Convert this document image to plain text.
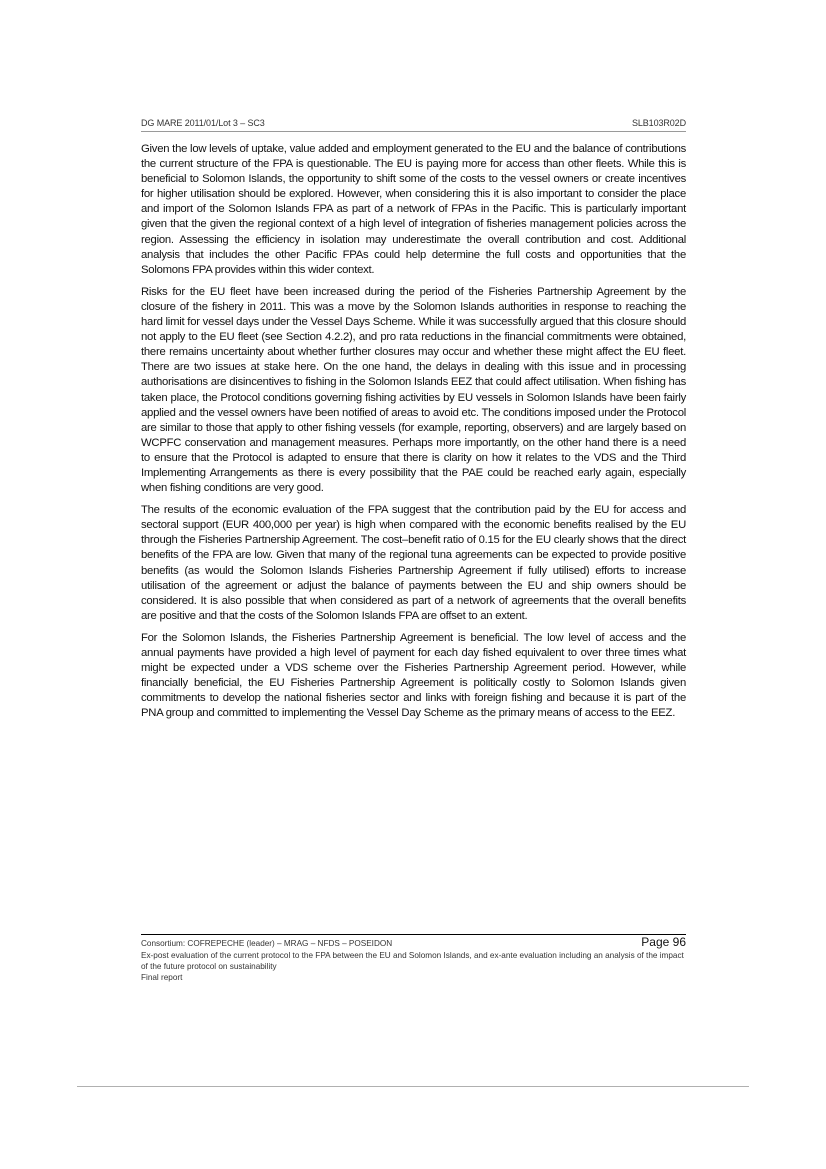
DG MARE 2011/01/Lot 3 – SC3	SLB103R02D

Given the low levels of uptake, value added and employment generated to the EU and the balance of contributions the current structure of the FPA is questionable. The EU is paying more for access than other fleets. While this is beneficial to Solomon Islands, the opportunity to shift some of the costs to the vessel owners or create incentives for higher utilisation should be explored. However, when considering this it is also important to consider the place and import of the Solomon Islands FPA as part of a network of FPAs in the Pacific. This is particularly important given that the given the regional context of a high level of integration of fisheries management policies across the region. Assessing the efficiency in isolation may underestimate the overall contribution and cost. Additional analysis that includes the other Pacific FPAs could help determine the full costs and opportunities that the Solomons FPA provides within this wider context.

Risks for the EU fleet have been increased during the period of the Fisheries Partnership Agreement by the closure of the fishery in 2011. This was a move by the Solomon Islands authorities in response to reaching the hard limit for vessel days under the Vessel Days Scheme. While it was successfully argued that this closure should not apply to the EU fleet (see Section 4.2.2), and pro rata reductions in the financial commitments were obtained, there remains uncertainty about whether further closures may occur and whether these might affect the EU fleet. There are two issues at stake here. On the one hand, the delays in dealing with this issue and in processing authorisations are disincentives to fishing in the Solomon Islands EEZ that could affect utilisation. When fishing has taken place, the Protocol conditions governing fishing activities by EU vessels in Solomon Islands have been fairly applied and the vessel owners have been notified of areas to avoid etc. The conditions imposed under the Protocol are similar to those that apply to other fishing vessels (for example, reporting, observers) and are largely based on WCPFC conservation and management measures. Perhaps more importantly, on the other hand there is a need to ensure that the Protocol is adapted to ensure that there is clarity on how it relates to the VDS and the Third Implementing Arrangements as there is every possibility that the PAE could be reached early again, especially when fishing conditions are very good.

The results of the economic evaluation of the FPA suggest that the contribution paid by the EU for access and sectoral support (EUR 400,000 per year) is high when compared with the economic benefits realised by the EU through the Fisheries Partnership Agreement. The cost–benefit ratio of 0.15 for the EU clearly shows that the direct benefits of the FPA are low. Given that many of the regional tuna agreements can be expected to provide positive benefits (as would the Solomon Islands Fisheries Partnership Agreement if fully utilised) efforts to increase utilisation of the agreement or adjust the balance of payments between the EU and ship owners should be considered. It is also possible that when considered as part of a network of agreements that the overall benefits are positive and that the costs of the Solomon Islands FPA are offset to an extent.

For the Solomon Islands, the Fisheries Partnership Agreement is beneficial. The low level of access and the annual payments have provided a high level of payment for each day fished equivalent to over three times what might be expected under a VDS scheme over the Fisheries Partnership Agreement period. However, while financially beneficial, the EU Fisheries Partnership Agreement is politically costly to Solomon Islands given commitments to develop the national fisheries sector and links with foreign fishing and because it is part of the PNA group and committed to implementing the Vessel Day Scheme as the primary means of access to the EEZ.

Consortium: COFREPECHE (leader) – MRAG – NFDS – POSEIDON	Page 96
Ex-post evaluation of the current protocol to the FPA between the EU and Solomon Islands, and ex-ante evaluation including an analysis of the impact of the future protocol on sustainability
Final report
